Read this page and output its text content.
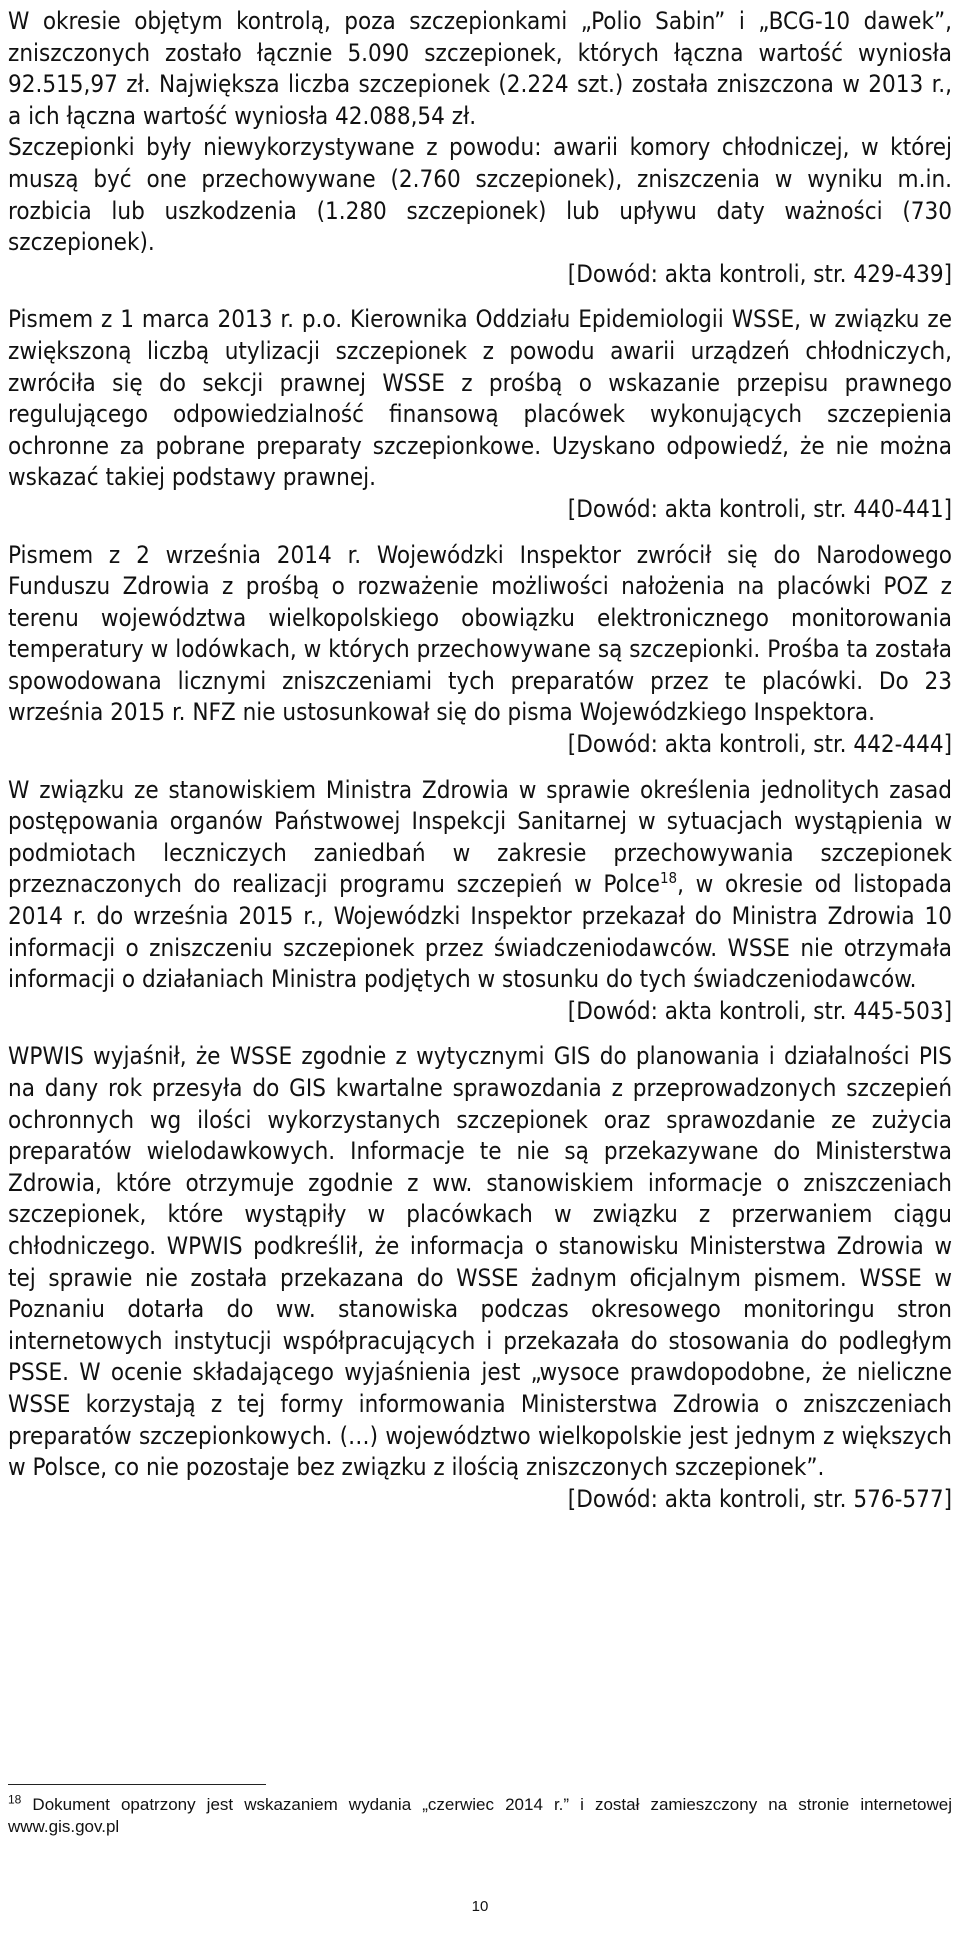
W okresie objętym kontrolą, poza szczepionkami „Polio Sabin” i „BCG-10 dawek”, zniszczonych zostało łącznie 5.090 szczepionek, których łączna wartość wyniosła 92.515,97 zł. Największa liczba szczepionek (2.224 szt.) została zniszczona w 2013 r., a ich łączna wartość wyniosła 42.088,54 zł.

Szczepionki były niewykorzystywane z powodu: awarii komory chłodniczej, w której muszą być one przechowywane (2.760 szczepionek), zniszczenia w wyniku m.in. rozbicia lub uszkodzenia (1.280 szczepionek) lub upływu daty ważności (730 szczepionek).

[Dowód: akta kontroli, str. 429-439]

Pismem z 1 marca 2013 r. p.o. Kierownika Oddziału Epidemiologii WSSE, w związku ze zwiększoną liczbą utylizacji szczepionek z powodu awarii urządzeń chłodniczych, zwróciła się do sekcji prawnej WSSE z prośbą o wskazanie przepisu prawnego regulującego odpowiedzialność finansową placówek wykonujących szczepienia ochronne za pobrane preparaty szczepionkowe. Uzyskano odpowiedź, że nie można wskazać takiej podstawy prawnej.

[Dowód: akta kontroli, str. 440-441]

Pismem z 2 września 2014 r. Wojewódzki Inspektor zwrócił się do Narodowego Funduszu Zdrowia z prośbą o rozważenie możliwości nałożenia na placówki POZ z terenu województwa wielkopolskiego obowiązku elektronicznego monitorowania temperatury w lodówkach, w których przechowywane są szczepionki. Prośba ta została spowodowana licznymi zniszczeniami tych preparatów przez te placówki. Do 23 września 2015 r. NFZ nie ustosunkował się do pisma Wojewódzkiego Inspektora.

[Dowód: akta kontroli, str. 442-444]

W związku ze stanowiskiem Ministra Zdrowia w sprawie określenia jednolitych zasad postępowania organów Państwowej Inspekcji Sanitarnej w sytuacjach wystąpienia w podmiotach leczniczych zaniedbań w zakresie przechowywania szczepionek przeznaczonych do realizacji programu szczepień w Polce$^{18}$, w okresie od listopada 2014 r. do września 2015 r., Wojewódzki Inspektor przekazał do Ministra Zdrowia 10 informacji o zniszczeniu szczepionek przez świadczeniodawców. WSSE nie otrzymała informacji o działaniach Ministra podjętych w stosunku do tych świadczeniodawców.

[Dowód: akta kontroli, str. 445-503]

WPWIS wyjaśnił, że WSSE zgodnie z wytycznymi GIS do planowania i działalności PIS na dany rok przesyła do GIS kwartalne sprawozdania z przeprowadzonych szczepień ochronnych wg ilości wykorzystanych szczepionek oraz sprawozdanie ze zużycia preparatów wielodawkowych. Informacje te nie są przekazywane do Ministerstwa Zdrowia, które otrzymuje zgodnie z ww. stanowiskiem informacje o zniszczeniach szczepionek, które wystąpiły w placówkach w związku z przerwaniem ciągu chłodniczego. WPWIS podkreślił, że informacja o stanowisku Ministerstwa Zdrowia w tej sprawie nie została przekazana do WSSE żadnym oficjalnym pismem. WSSE w Poznaniu dotarła do ww. stanowiska podczas okresowego monitoringu stron internetowych instytucji współpracujących i przekazała do stosowania do podległym PSSE. W ocenie składającego wyjaśnienia jest „wysoce prawdopodobne, że nieliczne WSSE korzystają z tej formy informowania Ministerstwa Zdrowia o zniszczeniach preparatów szczepionkowych. (…) województwo wielkopolskie jest jednym z większych w Polsce, co nie pozostaje bez związku z ilością zniszczonych szczepionek”.

[Dowód: akta kontroli, str. 576-577]

$^{18}$ Dokument opatrzony jest wskazaniem wydania „czerwiec 2014 r.” i został zamieszczony na stronie internetowej www.gis.gov.pl
10
